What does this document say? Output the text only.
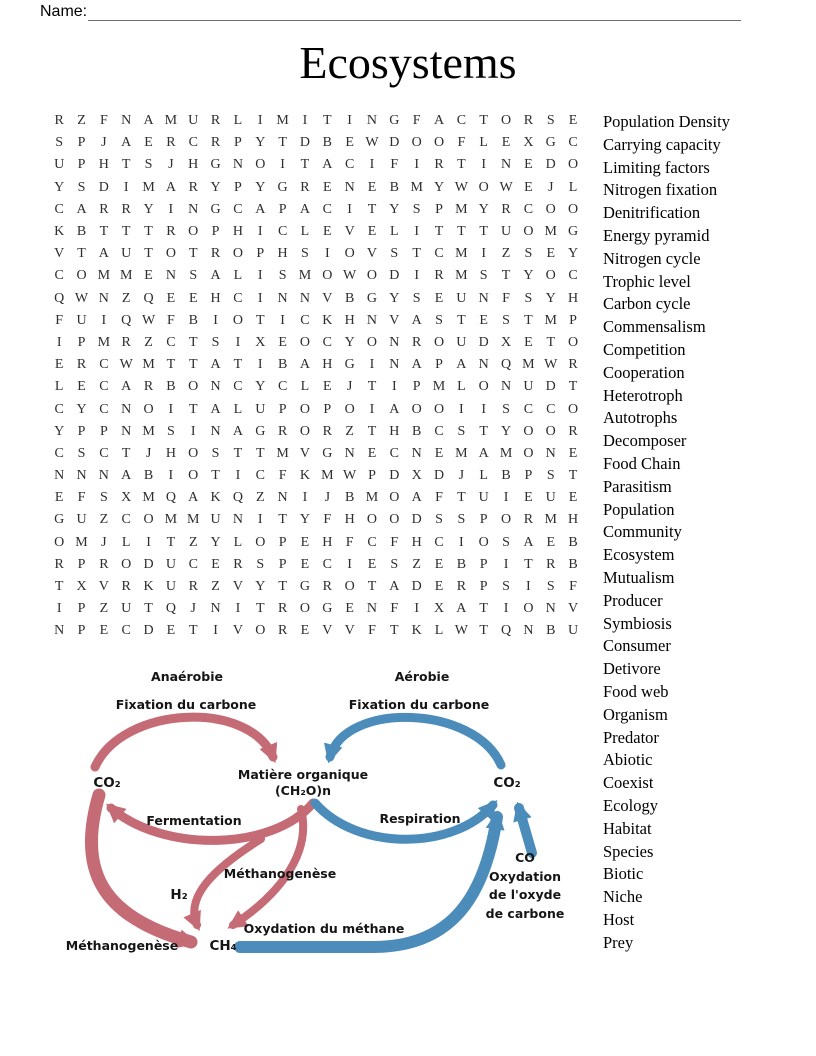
Name:
Ecosystems
R Z	F N A M U R L	I M I	T	I	N G F A C T O R S	E
S	P	J	A E R C R P Y T D B E W D O O F	L E X G C
U P H T	S	J	H G N O	I	T A C	I	F	I	R T	I	N E D O
Y S D	I M A R Y P Y G R E N E B M Y W O W E	J	L
C A R R Y	I	N G C A P A C	I	T Y S	P M Y R C O O
K B T T T R O P H	I	C L E V E L	I	T T T U O M G
V T A U T O T R O P H S	I	O V S	T C M I	Z	S	E Y
C O M M E N S A L	I	S M O W O D	I	R M S	T Y O C
Q W N Z Q E E H C	I	N N V B G Y S	E U N F	S Y H
F U	I	Q W F B	I	O T	I	C K H N V A S	T E	S	T M P
I	P M R Z C T	S	I	X E O C Y O N R O U D X E T O
E R C W M T T A T	I	B A H G	I	N A P A N Q M W R
L E C A R B O N C Y C L E	J	T	I	P M L O N U D T
C Y C N O	I	T A L U P O P O	I	A O O	I	I	S C C O
Y P	P N M S	I	N A G R O R Z T H B C S	T Y O O R
C S C T	J	H O S	T T M V G N E C N E M A M O N E
N N N A B	I	O T	I	C F K M W P D X D	J	L B P	S	T
E	F	S X M Q A K Q Z N	I	J	B M O A F	T U	I	E U E
G U Z C O M M U N	I	T Y F H O O D S	S	P O R M H
O M J	L	I	T Z Y L O P	E H F C F H C	I	O S A E B
R P R O D U C E R S	P	E C	I	E	S	Z E B P	I	T R B
T X V R K U R Z V Y T G R O T A D E R P	S	I	S	F
I	P	Z U T Q	J	N	I	T R O G E N F	I	X A T	I	O N V
N P	E C D E T	I	V O R E V V F	T K L W T Q N B U
Population Density
Carrying capacity
Limiting factors
Nitrogen fixation
Denitrification
Energy pyramid
Nitrogen cycle
Trophic level
Carbon cycle
Commensalism
Competition
Cooperation
Heterotroph
Autotrophs
Decomposer
Food Chain
Parasitism
Population
Community
Ecosystem
Mutualism
Producer
Symbiosis
Consumer
Detivore
Food web
Organism
Predator
Abiotic
Coexist
Ecology
Habitat
Species
Biotic
Niche
Host
Prey
Anaérobie	Aérobie
Fixation du carbone	Fixation du carbone
CO₂	CO₂
Matière organique
(CH₂O)n
Fermentation	Respiration
Méthanogenèse
H₂
Méthanogenèse CH₄
Oxydation du méthane
CO
Oxydation
de l'oxyde
de carbone
